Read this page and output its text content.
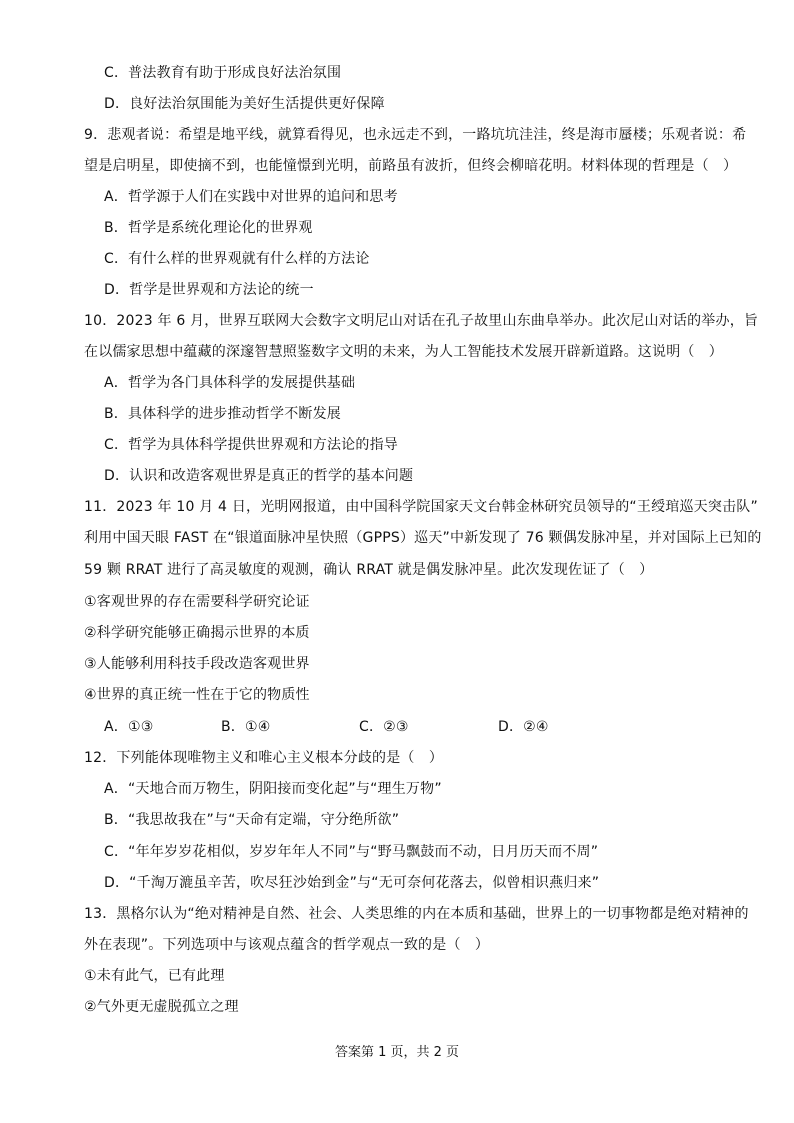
C．普法教育有助于形成良好法治氛围
D．良好法治氛围能为美好生活提供更好保障
9．悲观者说：希望是地平线，就算看得见，也永远走不到，一路坑坑洼洼，终是海市蜃楼；乐观者说：希
望是启明星，即使摘不到，也能憧憬到光明，前路虽有波折，但终会柳暗花明。材料体现的哲理是（　）
A．哲学源于人们在实践中对世界的追问和思考
B．哲学是系统化理论化的世界观
C．有什么样的世界观就有什么样的方法论
D．哲学是世界观和方法论的统一
10．2023 年 6 月，世界互联网大会数字文明尼山对话在孔子故里山东曲阜举办。此次尼山对话的举办，旨
在以儒家思想中蕴藏的深邃智慧照鉴数字文明的未来，为人工智能技术发展开辟新道路。这说明（　）
A．哲学为各门具体科学的发展提供基础
B．具体科学的进步推动哲学不断发展
C．哲学为具体科学提供世界观和方法论的指导
D．认识和改造客观世界是真正的哲学的基本问题
11．2023 年 10 月 4 日，光明网报道，由中国科学院国家天文台韩金林研究员领导的“王绶琯巡天突击队”
利用中国天眼 FAST 在“银道面脉冲星快照（GPPS）巡天”中新发现了 76 颗偶发脉冲星，并对国际上已知的
59 颗 RRAT 进行了高灵敏度的观测，确认 RRAT 就是偶发脉冲星。此次发现佐证了（　）
①客观世界的存在需要科学研究论证
②科学研究能够正确揭示世界的本质
③人能够利用科技手段改造客观世界
④世界的真正统一性在于它的物质性
A．①③	B．①④	C．②③	D．②④
12．下列能体现唯物主义和唯心主义根本分歧的是（　）
A．“天地合而万物生，阴阳接而变化起”与“理生万物”
B．“我思故我在”与“天命有定端，守分绝所欲”
C．“年年岁岁花相似，岁岁年年人不同”与“野马飘鼓而不动，日月历天而不周”
D．“千淘万漉虽辛苦，吹尽狂沙始到金”与“无可奈何花落去，似曾相识燕归来”
13．黑格尔认为“绝对精神是自然、社会、人类思维的内在本质和基础，世界上的一切事物都是绝对精神的
外在表现”。下列选项中与该观点蕴含的哲学观点一致的是（　）
①未有此气，已有此理
②气外更无虚脱孤立之理
答案第 1 页，共 2 页
